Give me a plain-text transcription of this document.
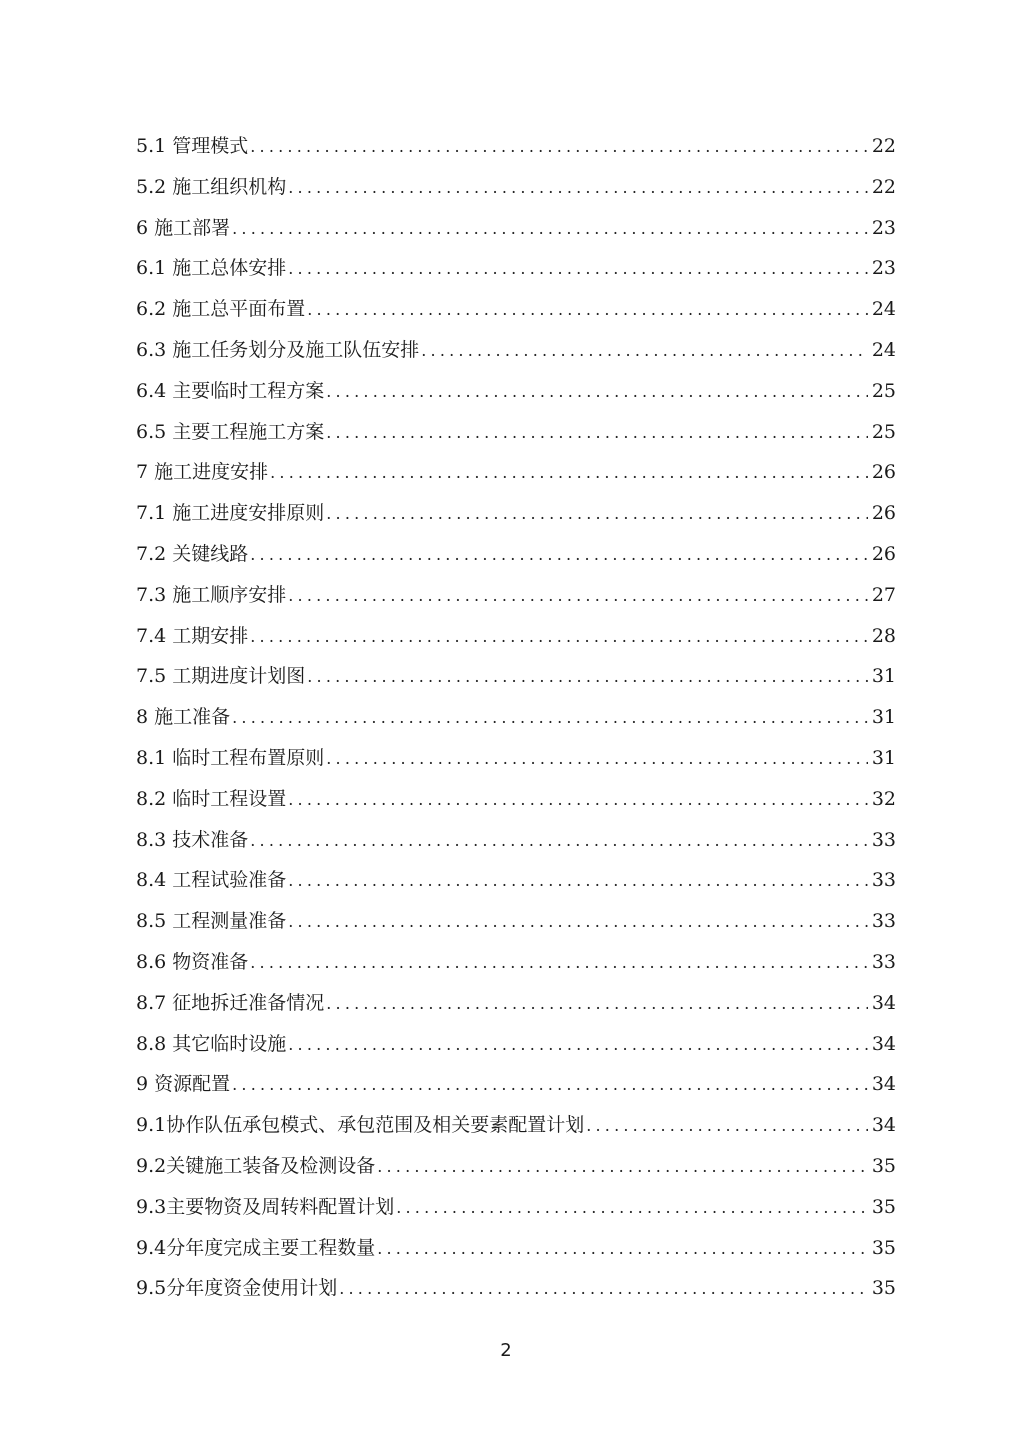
5.1 管理模式 .....	22
5.2 施工组织机构 .....	22
6 施工部署 .....	23
6.1 施工总体安排 .....	23
6.2 施工总平面布置 .....	24
6.3 施工任务划分及施工队伍安排 .....	24
6.4 主要临时工程方案 .....	25
6.5 主要工程施工方案 .....	25
7 施工进度安排 .....	26
7.1 施工进度安排原则 .....	26
7.2 关键线路 .....	26
7.3 施工顺序安排 .....	27
7.4 工期安排 .....	28
7.5 工期进度计划图 .....	31
8 施工准备 .....	31
8.1 临时工程布置原则 .....	31
8.2 临时工程设置 .....	32
8.3 技术准备 .....	33
8.4 工程试验准备 .....	33
8.5 工程测量准备 .....	33
8.6 物资准备 .....	33
8.7 征地拆迁准备情况 .....	34
8.8 其它临时设施 .....	34
9 资源配置 .....	34
9.1协作队伍承包模式、承包范围及相关要素配置计划 .....	34
9.2关键施工装备及检测设备 .....	35
9.3主要物资及周转料配置计划 .....	35
9.4分年度完成主要工程数量 .....	35
9.5分年度资金使用计划 .....	35
2
